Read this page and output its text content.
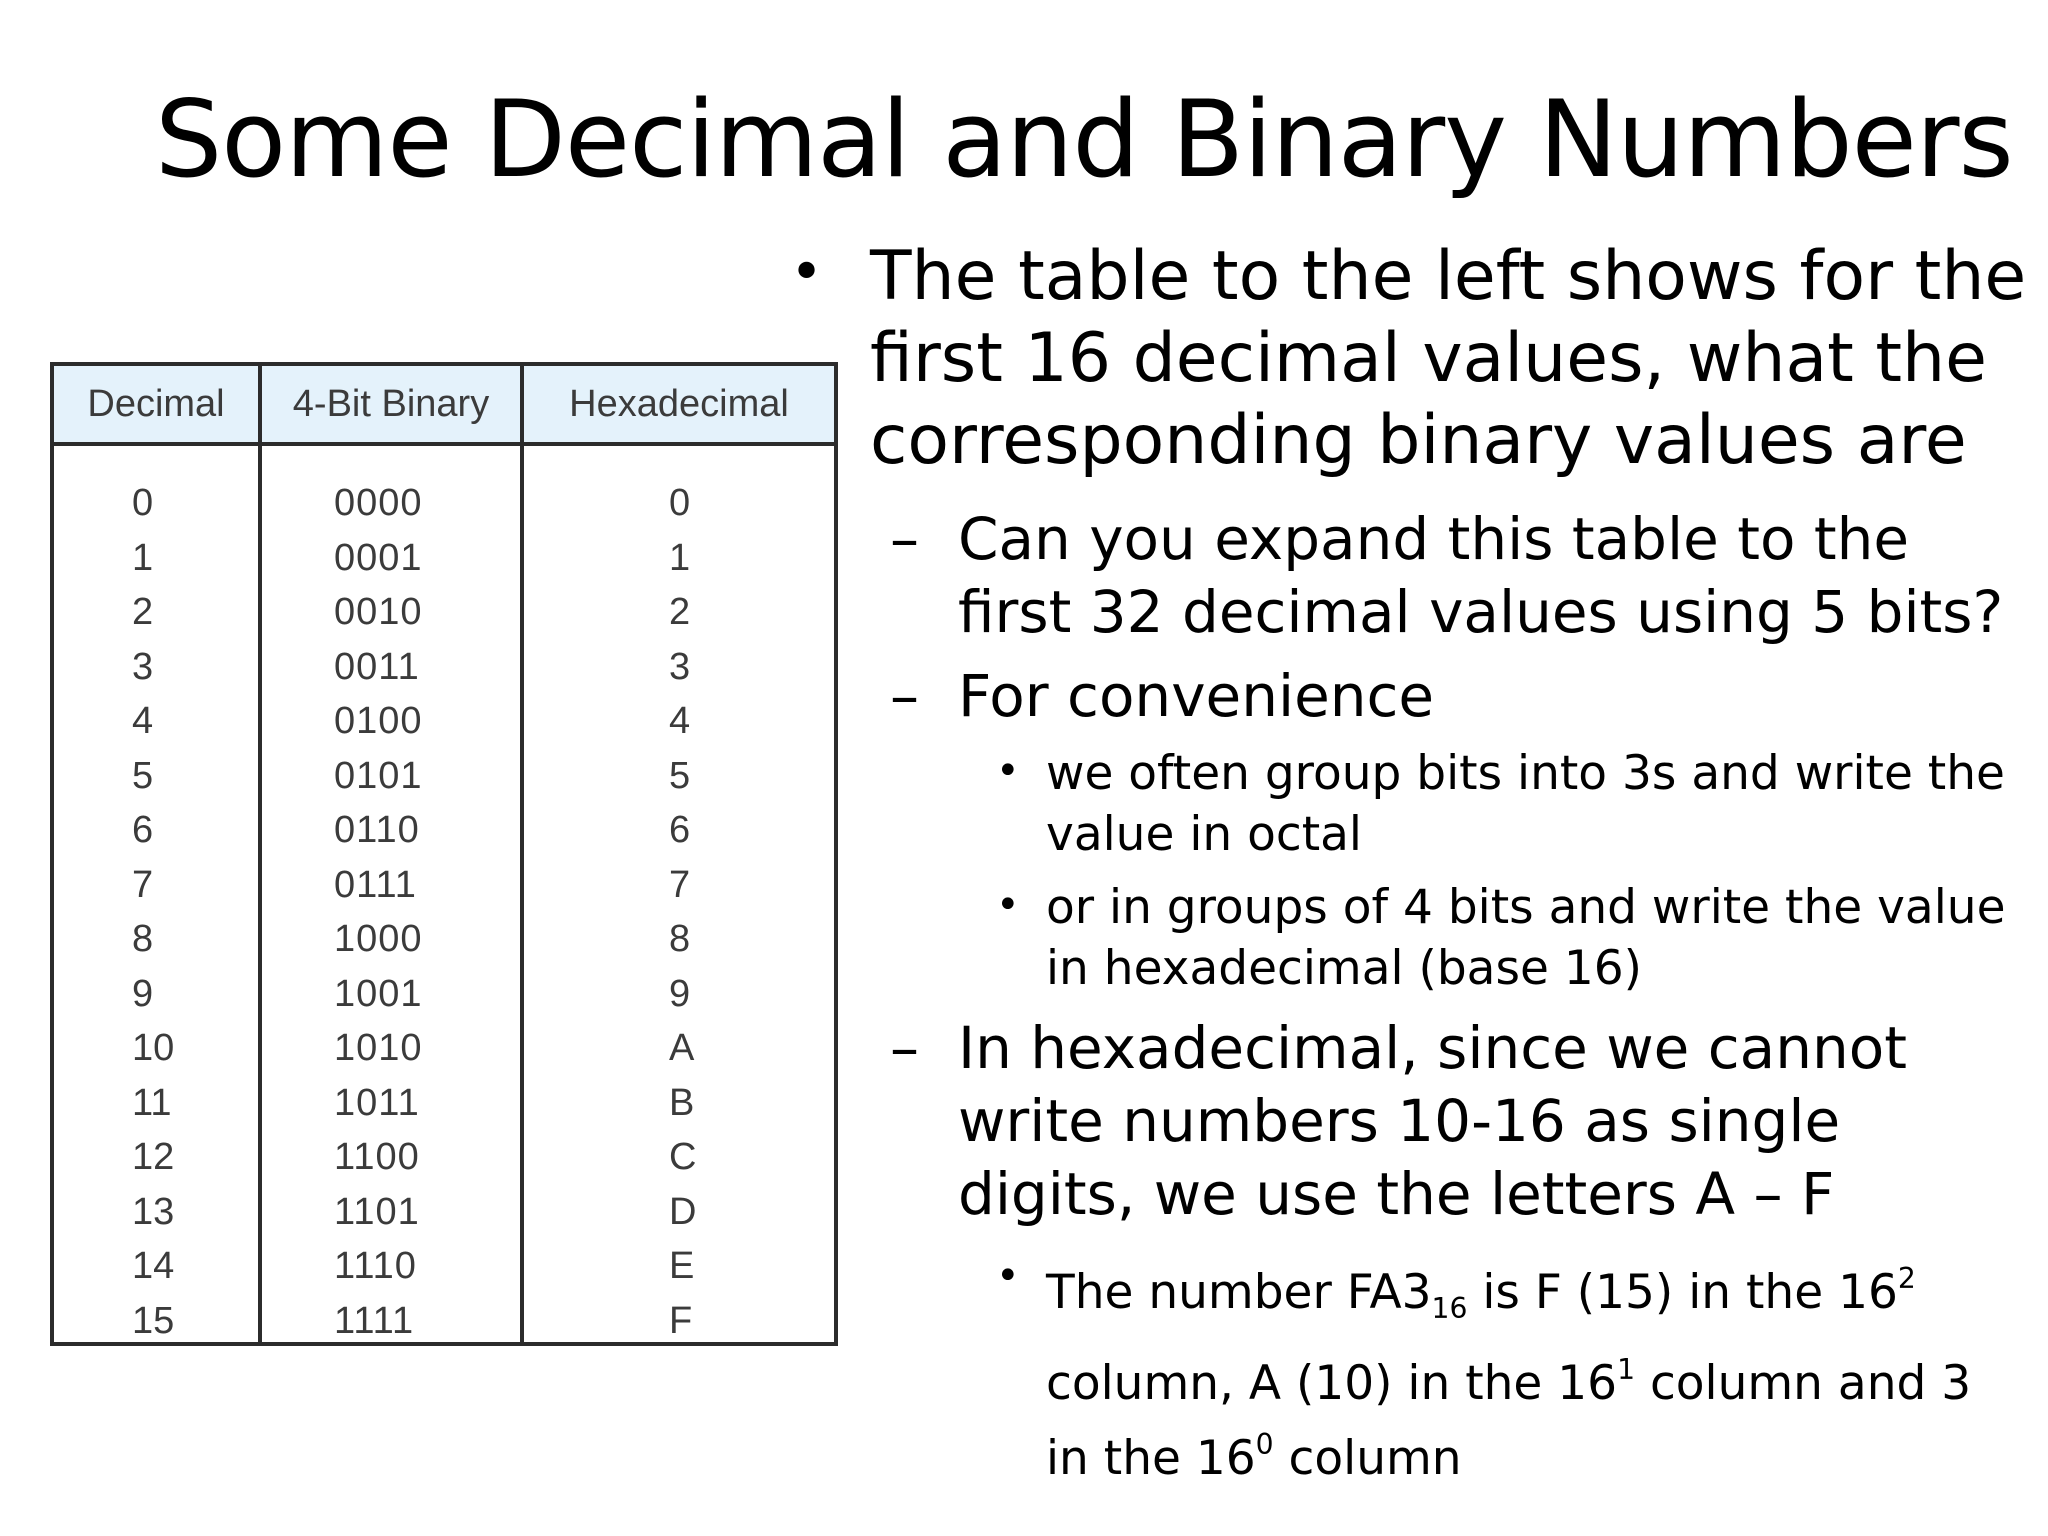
Some Decimal and Binary Numbers
Decimal	4-Bit Binary	Hexadecimal
0	0000	0
1	0001	1
2	0010	2
3	0011	3
4	0100	4
5	0101	5
6	0110	6
7	0111	7
8	1000	8
9	1001	9
10	1010	A
11	1011	B
12	1100	C
13	1101	D
14	1110	E
15	1111	F

• The table to the left shows for the first 16 decimal values, what the corresponding binary values are

– Can you expand this table to the first 32 decimal values using 5 bits?

– For convenience

• we often group bits into 3s and write the value in octal

• or in groups of 4 bits and write the value in hexadecimal (base 16)

– In hexadecimal, since we cannot write numbers 10-16 as single digits, we use the letters A – F

• The number $FA3_{16}$ is F (15) in the $16^2$ column, A (10) in the $16^1$ column and 3 in the $16^0$ column
